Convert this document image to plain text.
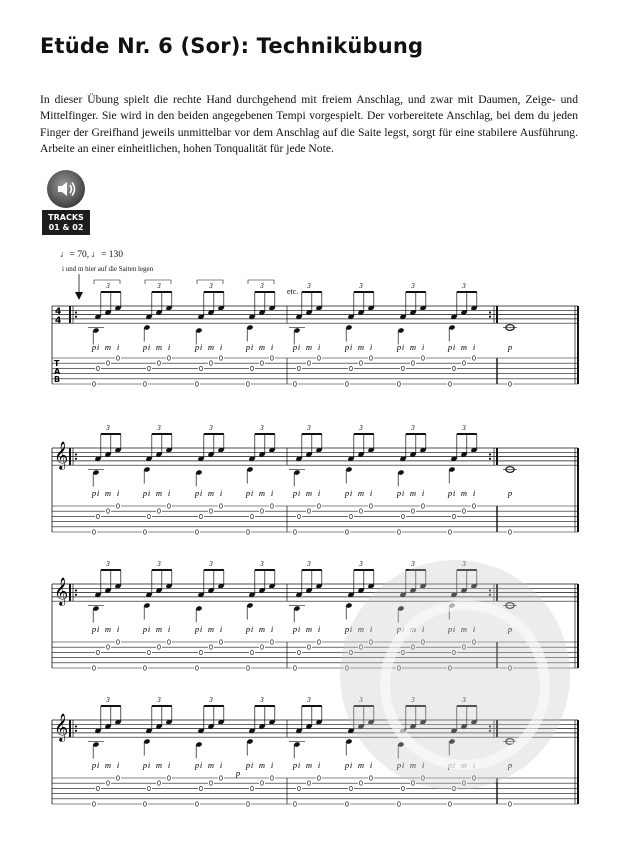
Etüde Nr. 6 (Sor): Technikübung

In dieser Übung spielt die rechte Hand durchgehend mit freiem Anschlag, und zwar mit Daumen, Zeige- und Mittelfinger. Sie wird in den beiden angegebenen Tempi vorgespielt. Der vorbereitete Anschlag, bei dem du jeden Finger der Greifhand jeweils unmittelbar vor dem Anschlag auf die Saite legst, sorgt für eine stabilere Ausführung. Arbeite an einer einheitlichen, hohen Tonqualität für jede Note.

TRACKS
01 & 02
♩= 70, ♩= 130
i und m hier auf die Saiten legen
etc.
4
4
T
A
B
3
p i m i
0
0
0
0
3
p i m i
0
0
0
0
3
p i m i
0
0
0
0
3
p i m i
0
0
0
0
3
p i m i
0
0
0
0
3
p i m i
0
0
0
0
3
p i m i
0
0
0
0
3
p i m i
0
0
0
0
p
0
𝄞
3
p i m i
0
0
0
0
3
p i m i
0
0
0
0
3
p i m i
0
0
0
0
3
p i m i
0
0
0
0
3
p i m i
0
0
0
0
3
p i m i
0
0
0
0
3
p i m i
0
0
0
0
3
p i m i
0
0
0
0
p
0
𝄞
3
p i m i
0
0
0
0
3
p i m i
0
0
0
0
3
p i m i
0
0
0
0
3
p i m i
0
0
0
0
3
p i m i
0
0
0
0
3
p i m i
0
0
0
0
3
p i m i
0
0
0
0
3
p i m i
0
0
0
0
p
0
𝄞
3
p i m i
0
0
0
0
3
p i m i
0
0
0
0
3
p i m i
0
0
0
0
3
p i m i
0
0
0
0
3
p i m i
0
0
0
0
3
p i m i
0
0
0
0
3
p i m i
0
0
0
0
3
p i m i
0
0
0
0
p
0
p
